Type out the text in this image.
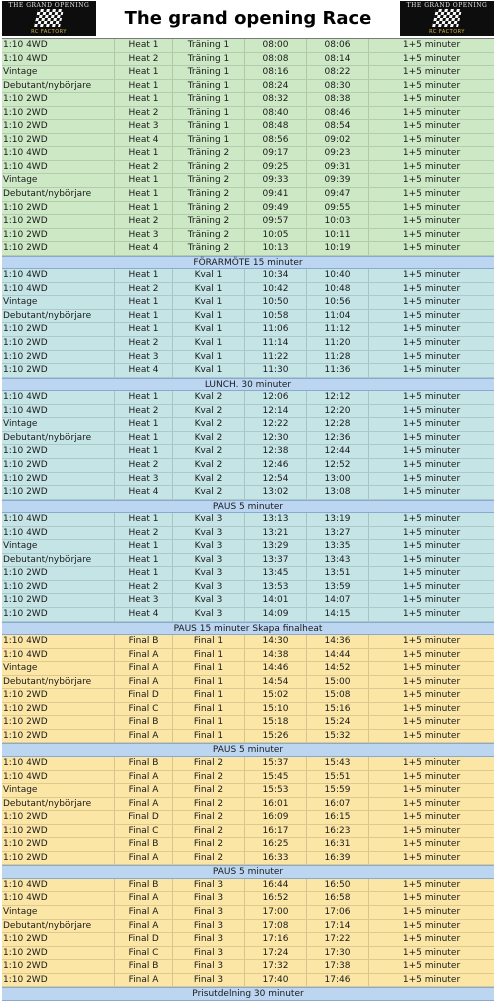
THE GRAND OPENING
RC FACTORY
The grand opening Race
THE GRAND OPENING
RC FACTORY
1:10 4WD	Heat 1	Träning 1	08:00	08:06	1+5 minuter
1:10 4WD	Heat 2	Träning 1	08:08	08:14	1+5 minuter
Vintage	Heat 1	Träning 1	08:16	08:22	1+5 minuter
Debutant/nybörjare	Heat 1	Träning 1	08:24	08:30	1+5 minuter
1:10 2WD	Heat 1	Träning 1	08:32	08:38	1+5 minuter
1:10 2WD	Heat 2	Träning 1	08:40	08:46	1+5 minuter
1:10 2WD	Heat 3	Träning 1	08:48	08:54	1+5 minuter
1:10 2WD	Heat 4	Träning 1	08:56	09:02	1+5 minuter
1:10 4WD	Heat 1	Träning 2	09:17	09:23	1+5 minuter
1:10 4WD	Heat 2	Träning 2	09:25	09:31	1+5 minuter
Vintage	Heat 1	Träning 2	09:33	09:39	1+5 minuter
Debutant/nybörjare	Heat 1	Träning 2	09:41	09:47	1+5 minuter
1:10 2WD	Heat 1	Träning 2	09:49	09:55	1+5 minuter
1:10 2WD	Heat 2	Träning 2	09:57	10:03	1+5 minuter
1:10 2WD	Heat 3	Träning 2	10:05	10:11	1+5 minuter
1:10 2WD	Heat 4	Träning 2	10:13	10:19	1+5 minuter
FÖRARMÖTE 15 minuter
1:10 4WD	Heat 1	Kval 1	10:34	10:40	1+5 minuter
1:10 4WD	Heat 2	Kval 1	10:42	10:48	1+5 minuter
Vintage	Heat 1	Kval 1	10:50	10:56	1+5 minuter
Debutant/nybörjare	Heat 1	Kval 1	10:58	11:04	1+5 minuter
1:10 2WD	Heat 1	Kval 1	11:06	11:12	1+5 minuter
1:10 2WD	Heat 2	Kval 1	11:14	11:20	1+5 minuter
1:10 2WD	Heat 3	Kval 1	11:22	11:28	1+5 minuter
1:10 2WD	Heat 4	Kval 1	11:30	11:36	1+5 minuter
LUNCH. 30 minuter
1:10 4WD	Heat 1	Kval 2	12:06	12:12	1+5 minuter
1:10 4WD	Heat 2	Kval 2	12:14	12:20	1+5 minuter
Vintage	Heat 1	Kval 2	12:22	12:28	1+5 minuter
Debutant/nybörjare	Heat 1	Kval 2	12:30	12:36	1+5 minuter
1:10 2WD	Heat 1	Kval 2	12:38	12:44	1+5 minuter
1:10 2WD	Heat 2	Kval 2	12:46	12:52	1+5 minuter
1:10 2WD	Heat 3	Kval 2	12:54	13:00	1+5 minuter
1:10 2WD	Heat 4	Kval 2	13:02	13:08	1+5 minuter
PAUS 5 minuter
1:10 4WD	Heat 1	Kval 3	13:13	13:19	1+5 minuter
1:10 4WD	Heat 2	Kval 3	13:21	13:27	1+5 minuter
Vintage	Heat 1	Kval 3	13:29	13:35	1+5 minuter
Debutant/nybörjare	Heat 1	Kval 3	13:37	13:43	1+5 minuter
1:10 2WD	Heat 1	Kval 3	13:45	13:51	1+5 minuter
1:10 2WD	Heat 2	Kval 3	13:53	13:59	1+5 minuter
1:10 2WD	Heat 3	Kval 3	14:01	14:07	1+5 minuter
1:10 2WD	Heat 4	Kval 3	14:09	14:15	1+5 minuter
PAUS 15 minuter Skapa finalheat
1:10 4WD	Final B	Final 1	14:30	14:36	1+5 minuter
1:10 4WD	Final A	Final 1	14:38	14:44	1+5 minuter
Vintage	Final A	Final 1	14:46	14:52	1+5 minuter
Debutant/nybörjare	Final A	Final 1	14:54	15:00	1+5 minuter
1:10 2WD	Final D	Final 1	15:02	15:08	1+5 minuter
1:10 2WD	Final C	Final 1	15:10	15:16	1+5 minuter
1:10 2WD	Final B	Final 1	15:18	15:24	1+5 minuter
1:10 2WD	Final A	Final 1	15:26	15:32	1+5 minuter
PAUS 5 minuter
1:10 4WD	Final B	Final 2	15:37	15:43	1+5 minuter
1:10 4WD	Final A	Final 2	15:45	15:51	1+5 minuter
Vintage	Final A	Final 2	15:53	15:59	1+5 minuter
Debutant/nybörjare	Final A	Final 2	16:01	16:07	1+5 minuter
1:10 2WD	Final D	Final 2	16:09	16:15	1+5 minuter
1:10 2WD	Final C	Final 2	16:17	16:23	1+5 minuter
1:10 2WD	Final B	Final 2	16:25	16:31	1+5 minuter
1:10 2WD	Final A	Final 2	16:33	16:39	1+5 minuter
PAUS 5 minuter
1:10 4WD	Final B	Final 3	16:44	16:50	1+5 minuter
1:10 4WD	Final A	Final 3	16:52	16:58	1+5 minuter
Vintage	Final A	Final 3	17:00	17:06	1+5 minuter
Debutant/nybörjare	Final A	Final 3	17:08	17:14	1+5 minuter
1:10 2WD	Final D	Final 3	17:16	17:22	1+5 minuter
1:10 2WD	Final C	Final 3	17:24	17:30	1+5 minuter
1:10 2WD	Final B	Final 3	17:32	17:38	1+5 minuter
1:10 2WD	Final A	Final 3	17:40	17:46	1+5 minuter
Prisutdelning 30 minuter
